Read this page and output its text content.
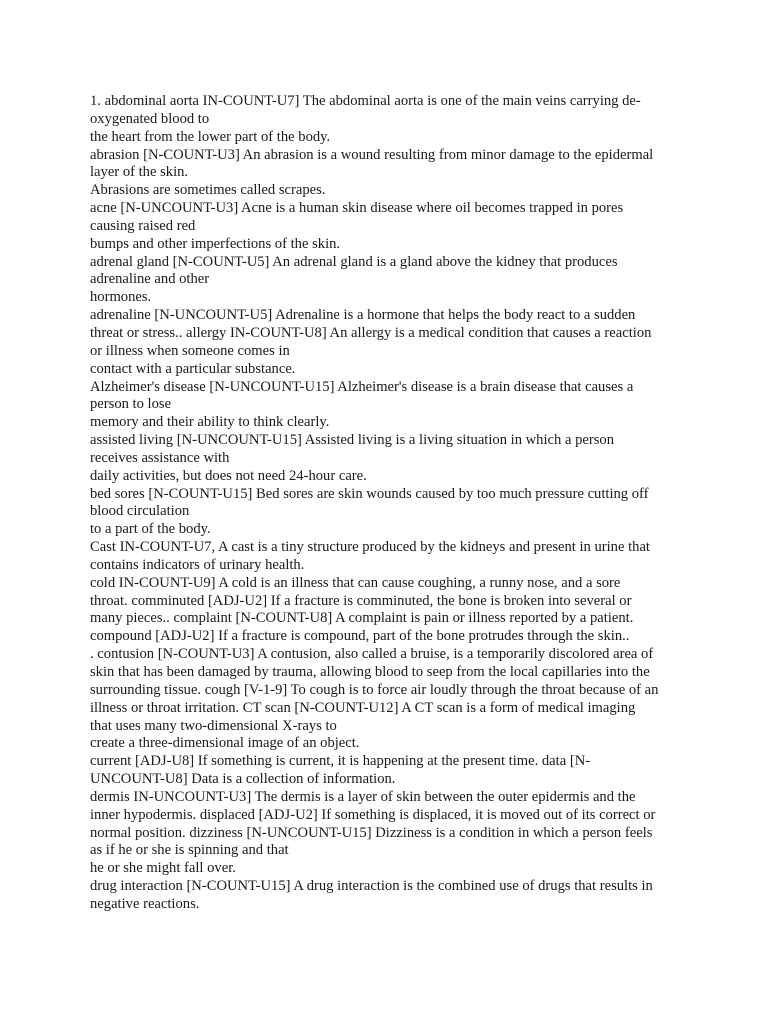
1. abdominal aorta IN-COUNT-U7] The abdominal aorta is one of the main veins carrying de-
oxygenated blood to
the heart from the lower part of the body.
abrasion [N-COUNT-U3] An abrasion is a wound resulting from minor damage to the epidermal
layer of the skin.
Abrasions are sometimes called scrapes.
acne [N-UNCOUNT-U3] Acne is a human skin disease where oil becomes trapped in pores
causing raised red
bumps and other imperfections of the skin.
adrenal gland [N-COUNT-U5] An adrenal gland is a gland above the kidney that produces
adrenaline and other
hormones.
adrenaline [N-UNCOUNT-U5] Adrenaline is a hormone that helps the body react to a sudden
threat or stress.. allergy IN-COUNT-U8] An allergy is a medical condition that causes a reaction
or illness when someone comes in
contact with a particular substance.
Alzheimer's disease [N-UNCOUNT-U15] Alzheimer's disease is a brain disease that causes a
person to lose
memory and their ability to think clearly.
assisted living [N-UNCOUNT-U15] Assisted living is a living situation in which a person
receives assistance with
daily activities, but does not need 24-hour care.
bed sores [N-COUNT-U15] Bed sores are skin wounds caused by too much pressure cutting off
blood circulation
to a part of the body.
Cast IN-COUNT-U7, A cast is a tiny structure produced by the kidneys and present in urine that
contains indicators of urinary health.
cold IN-COUNT-U9] A cold is an illness that can cause coughing, a runny nose, and a sore
throat. comminuted [ADJ-U2] If a fracture is comminuted, the bone is broken into several or
many pieces.. complaint [N-COUNT-U8] A complaint is pain or illness reported by a patient.
compound [ADJ-U2] If a fracture is compound, part of the bone protrudes through the skin..
. contusion [N-COUNT-U3] A contusion, also called a bruise, is a temporarily discolored area of
skin that has been damaged by trauma, allowing blood to seep from the local capillaries into the
surrounding tissue. cough [V-1-9] To cough is to force air loudly through the throat because of an
illness or throat irritation. CT scan [N-COUNT-U12] A CT scan is a form of medical imaging
that uses many two-dimensional X-rays to
create a three-dimensional image of an object.
current [ADJ-U8] If something is current, it is happening at the present time. data [N-
UNCOUNT-U8] Data is a collection of information.
dermis IN-UNCOUNT-U3] The dermis is a layer of skin between the outer epidermis and the
inner hypodermis. displaced [ADJ-U2] If something is displaced, it is moved out of its correct or
normal position. dizziness [N-UNCOUNT-U15] Dizziness is a condition in which a person feels
as if he or she is spinning and that
he or she might fall over.
drug interaction [N-COUNT-U15] A drug interaction is the combined use of drugs that results in
negative reactions.
